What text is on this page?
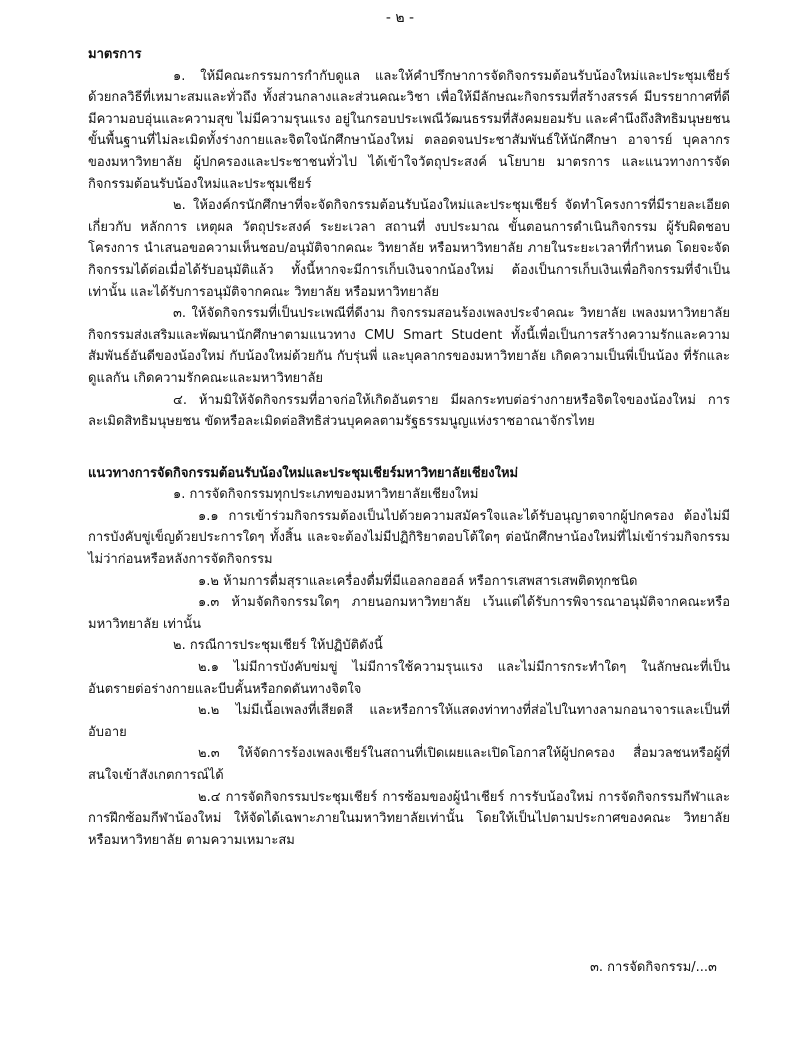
- ๒ -

มาตรการ

๑. ให้มีคณะกรรมการกำกับดูแล และให้คำปรึกษาการจัดกิจกรรมต้อนรับน้องใหม่และประชุมเชียร์ ด้วยกลวิธีที่เหมาะสมและทั่วถึง ทั้งส่วนกลางและส่วนคณะวิชา เพื่อให้มีลักษณะกิจกรรมที่สร้างสรรค์ มีบรรยากาศที่ดี มีความอบอุ่นและความสุข ไม่มีความรุนแรง อยู่ในกรอบประเพณีวัฒนธรรมที่สังคมยอมรับ และคำนึงถึงสิทธิมนุษยชนขั้นพื้นฐานที่ไม่ละเมิดทั้งร่างกายและจิตใจนักศึกษาน้องใหม่ ตลอดจนประชาสัมพันธ์ให้นักศึกษา อาจารย์ บุคลากรของมหาวิทยาลัย ผู้ปกครองและประชาชนทั่วไป ได้เข้าใจวัตถุประสงค์ นโยบาย มาตรการ และแนวทางการจัดกิจกรรมต้อนรับน้องใหม่และประชุมเชียร์

๒. ให้องค์กรนักศึกษาที่จะจัดกิจกรรมต้อนรับน้องใหม่และประชุมเชียร์ จัดทำโครงการที่มีรายละเอียดเกี่ยวกับ หลักการ เหตุผล วัตถุประสงค์ ระยะเวลา สถานที่ งบประมาณ ขั้นตอนการดำเนินกิจกรรม ผู้รับผิดชอบโครงการ นำเสนอขอความเห็นชอบ/อนุมัติจากคณะ วิทยาลัย หรือมหาวิทยาลัย ภายในระยะเวลาที่กำหนด โดยจะจัดกิจกรรมได้ต่อเมื่อได้รับอนุมัติแล้ว ทั้งนี้หากจะมีการเก็บเงินจากน้องใหม่ ต้องเป็นการเก็บเงินเพื่อกิจกรรมที่จำเป็นเท่านั้น และได้รับการอนุมัติจากคณะ วิทยาลัย หรือมหาวิทยาลัย

๓. ให้จัดกิจกรรมที่เป็นประเพณีที่ดีงาม กิจกรรมสอนร้องเพลงประจำคณะ วิทยาลัย เพลงมหาวิทยาลัย กิจกรรมส่งเสริมและพัฒนานักศึกษาตามแนวทาง CMU Smart Student ทั้งนี้เพื่อเป็นการสร้างความรักและความสัมพันธ์อันดีของน้องใหม่ กับน้องใหม่ด้วยกัน กับรุ่นพี่ และบุคลากรของมหาวิทยาลัย เกิดความเป็นพี่เป็นน้อง ที่รักและดูแลกัน เกิดความรักคณะและมหาวิทยาลัย

๔. ห้ามมิให้จัดกิจกรรมที่อาจก่อให้เกิดอันตราย มีผลกระทบต่อร่างกายหรือจิตใจของน้องใหม่ การละเมิดสิทธิมนุษยชน ขัดหรือละเมิดต่อสิทธิส่วนบุคคลตามรัฐธรรมนูญแห่งราชอาณาจักรไทย

แนวทางการจัดกิจกรรมต้อนรับน้องใหม่และประชุมเชียร์มหาวิทยาลัยเชียงใหม่

๑. การจัดกิจกรรมทุกประเภทของมหาวิทยาลัยเชียงใหม่

๑.๑ การเข้าร่วมกิจกรรมต้องเป็นไปด้วยความสมัครใจและได้รับอนุญาตจากผู้ปกครอง ต้องไม่มีการบังคับขู่เข็ญด้วยประการใดๆ ทั้งสิ้น และจะต้องไม่มีปฏิกิริยาตอบโต้ใดๆ ต่อนักศึกษาน้องใหม่ที่ไม่เข้าร่วมกิจกรรม ไม่ว่าก่อนหรือหลังการจัดกิจกรรม

๑.๒ ห้ามการดื่มสุราและเครื่องดื่มที่มีแอลกอฮอล์ หรือการเสพสารเสพติดทุกชนิด

๑.๓ ห้ามจัดกิจกรรมใดๆ ภายนอกมหาวิทยาลัย เว้นแต่ได้รับการพิจารณาอนุมัติจากคณะหรือมหาวิทยาลัย เท่านั้น

๒. กรณีการประชุมเชียร์ ให้ปฏิบัติดังนี้

๒.๑ ไม่มีการบังคับข่มขู่ ไม่มีการใช้ความรุนแรง และไม่มีการกระทำใดๆ ในลักษณะที่เป็นอันตรายต่อร่างกายและบีบคั้นหรือกดดันทางจิตใจ

๒.๒ ไม่มีเนื้อเพลงที่เสียดสี และหรือการให้แสดงท่าทางที่ส่อไปในทางลามกอนาจารและเป็นที่อับอาย

๒.๓ ให้จัดการร้องเพลงเชียร์ในสถานที่เปิดเผยและเปิดโอกาสให้ผู้ปกครอง สื่อมวลชนหรือผู้ที่สนใจเข้าสังเกตการณ์ได้

๒.๔ การจัดกิจกรรมประชุมเชียร์ การซ้อมของผู้นำเชียร์ การรับน้องใหม่ การจัดกิจกรรมกีฬาและการฝึกซ้อมกีฬาน้องใหม่ ให้จัดได้เฉพาะภายในมหาวิทยาลัยเท่านั้น โดยให้เป็นไปตามประกาศของคณะ วิทยาลัย หรือมหาวิทยาลัย ตามความเหมาะสม

๓. การจัดกิจกรรม/...๓
